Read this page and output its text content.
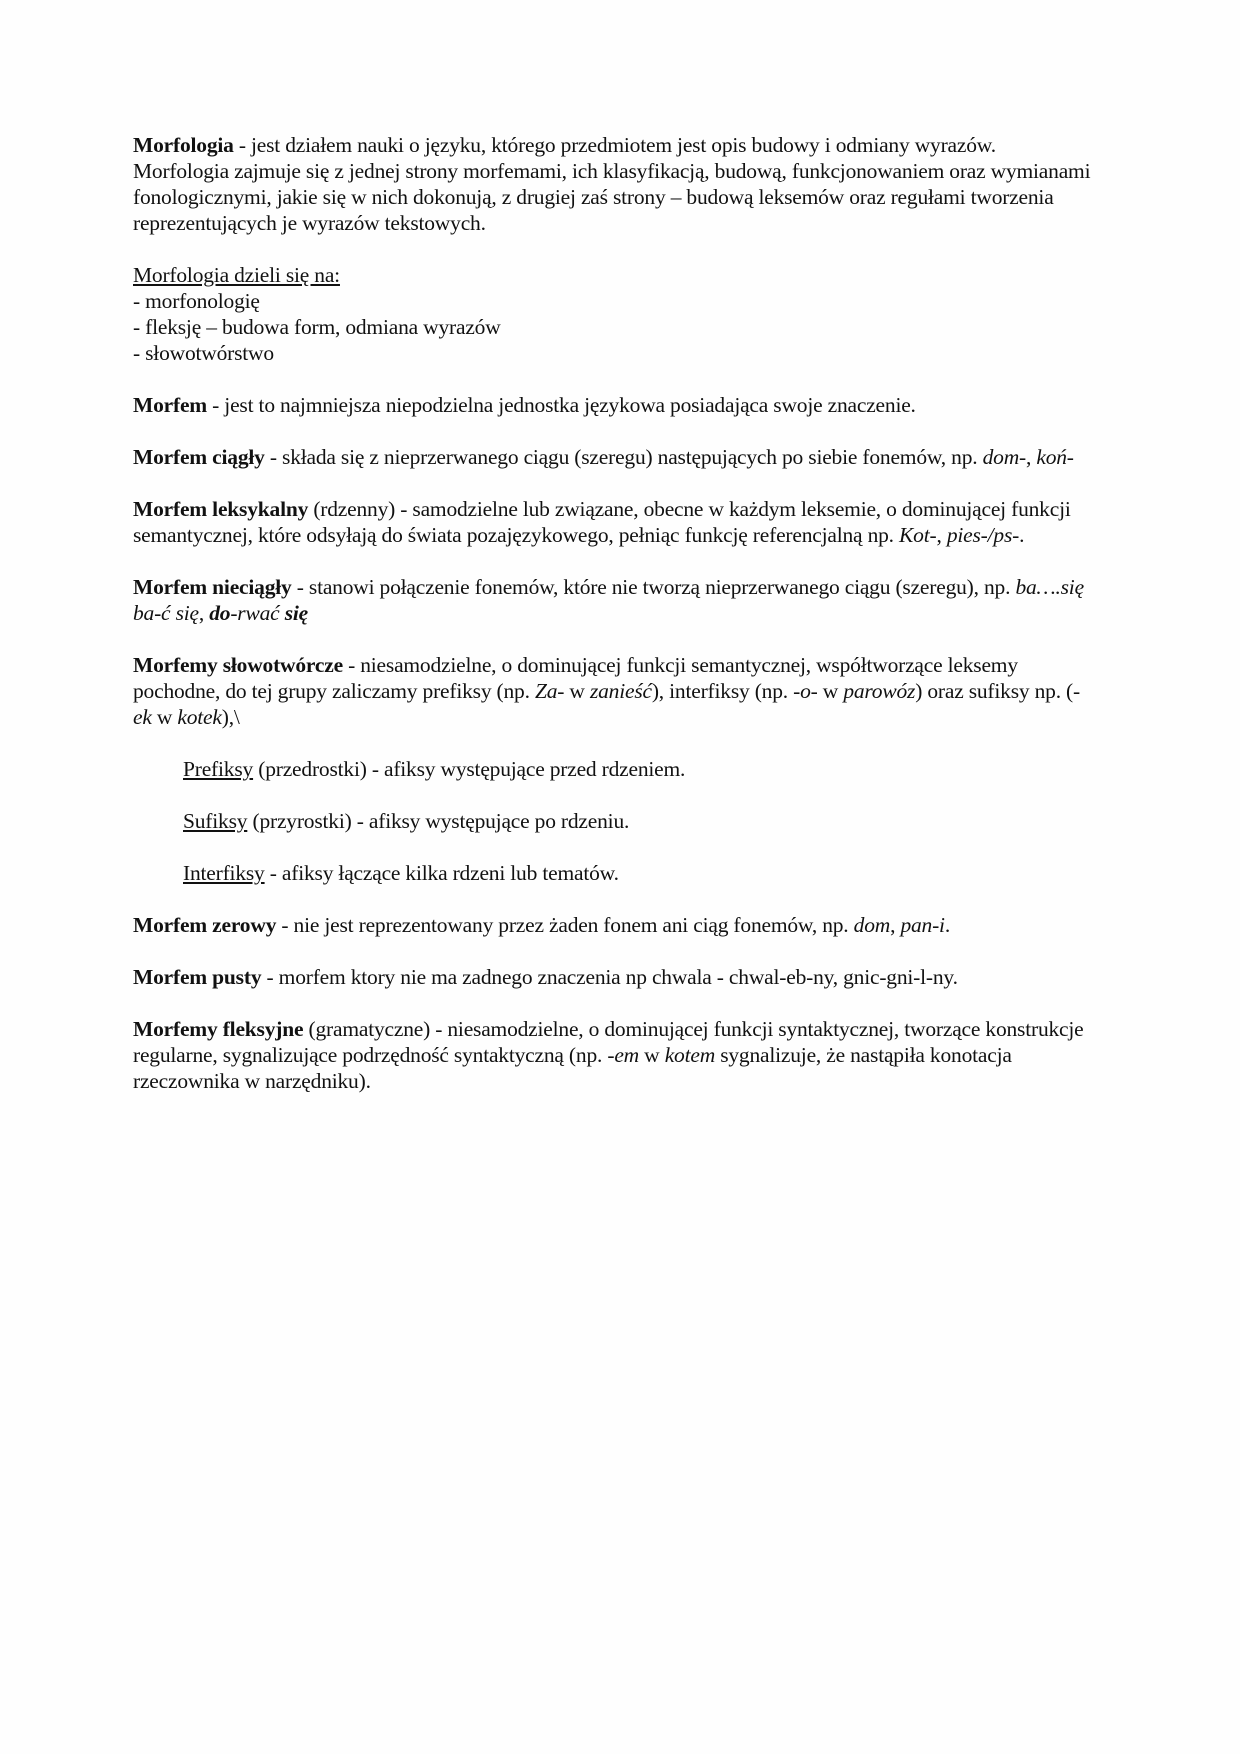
Morfologia - jest działem nauki o języku, którego przedmiotem jest opis budowy i odmiany wyrazów. Morfologia zajmuje się z jednej strony morfemami, ich klasyfikacją, budową, funkcjonowaniem oraz wymianami fonologicznymi, jakie się w nich dokonują, z drugiej zaś strony – budową leksemów oraz regułami tworzenia reprezentujących je wyrazów tekstowych.

Morfologia dzieli się na:

- morfonologię

- fleksję – budowa form, odmiana wyrazów

- słowotwórstwo

Morfem - jest to najmniejsza niepodzielna jednostka językowa posiadająca swoje znaczenie.

Morfem ciągły - składa się z nieprzerwanego ciągu (szeregu) następujących po siebie fonemów, np. dom-, koń-

Morfem leksykalny (rdzenny) - samodzielne lub związane, obecne w każdym leksemie, o dominującej funkcji semantycznej, które odsyłają do świata pozajęzykowego, pełniąc funkcję referencjalną np. Kot-, pies-/ps-.

Morfem nieciągły - stanowi połączenie fonemów, które nie tworzą nieprzerwanego ciągu (szeregu), np. ba….się ba-ć się, do-rwać się

Morfemy słowotwórcze - niesamodzielne, o dominującej funkcji semantycznej, współtworzące leksemy pochodne, do tej grupy zaliczamy prefiksy (np. Za- w zanieść), interfiksy (np. -o- w parowóz) oraz sufiksy np. (-ek w kotek),\

Prefiksy (przedrostki) - afiksy występujące przed rdzeniem.

Sufiksy (przyrostki) - afiksy występujące po rdzeniu.

Interfiksy - afiksy łączące kilka rdzeni lub tematów.

Morfem zerowy - nie jest reprezentowany przez żaden fonem ani ciąg fonemów, np. dom, pan-i.

Morfem pusty - morfem ktory nie ma zadnego znaczenia np chwala - chwal-eb-ny, gnic-gni-l-ny.

Morfemy fleksyjne (gramatyczne) - niesamodzielne, o dominującej funkcji syntaktycznej, tworzące konstrukcje regularne, sygnalizujące podrzędność syntaktyczną (np. -em w kotem sygnalizuje, że nastąpiła konotacja rzeczownika w narzędniku).
